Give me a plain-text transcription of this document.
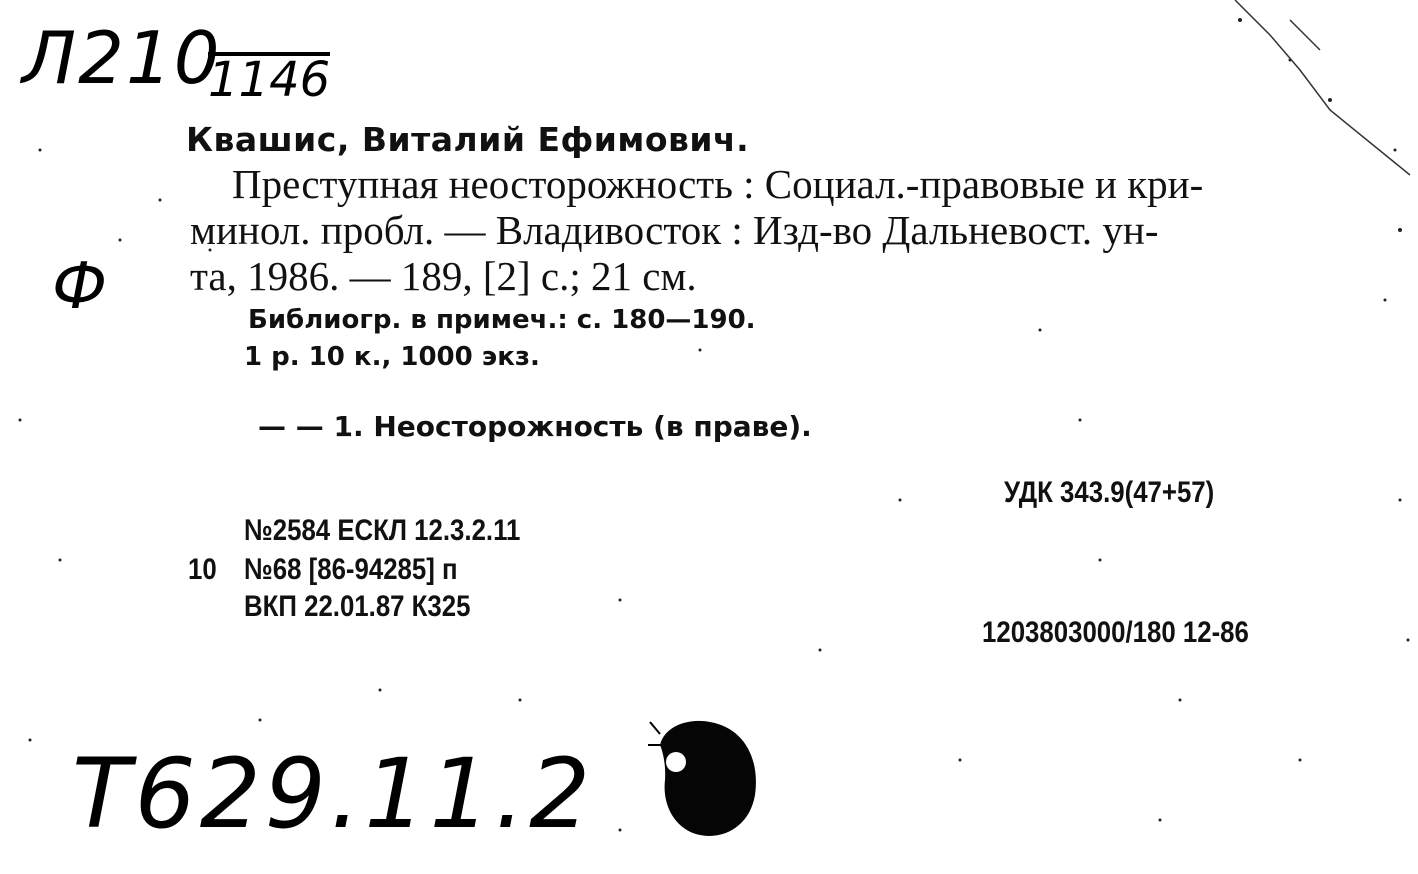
Л210
1146
Ф
Т629.11.2
Квашис, Виталий Ефимович.
Преступная неосторожность : Социал.-правовые и кри-
минол. пробл. — Владивосток : Изд-во Дальневост. ун-
та, 1986. — 189, [2] с.; 21 см.
Библиогр. в примеч.: с. 180—190.
1 р. 10 к., 1000 экз.
— — 1. Неосторожность (в праве).
УДК 343.9(47+57)
№2584 ЕСКЛ 12.3.2.11
10 №68 [86-94285] п
ВКП 22.01.87 К325
1203803000/180 12-86
